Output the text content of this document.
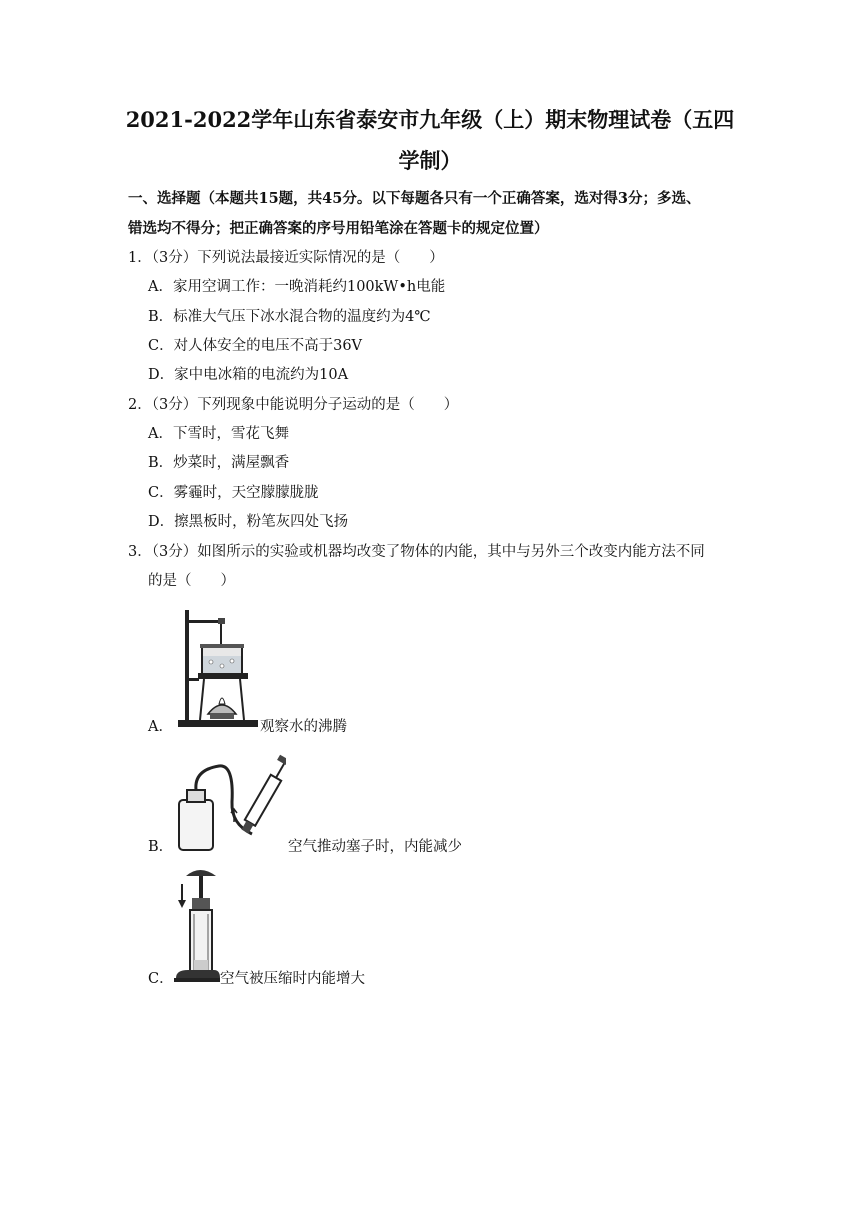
2021-2022学年山东省泰安市九年级（上）期末物理试卷（五四
学制）
一、选择题（本题共15题，共45分。以下每题各只有一个正确答案，选对得3分；多选、
错选均不得分；把正确答案的序号用铅笔涂在答题卡的规定位置）
1．（3分）下列说法最接近实际情况的是（　　）
A．家用空调工作：一晚消耗约100kW•h电能
B．标准大气压下冰水混合物的温度约为4℃
C．对人体安全的电压不高于36V
D．家中电冰箱的电流约为10A
2．（3分）下列现象中能说明分子运动的是（　　）
A．下雪时，雪花飞舞
B．炒菜时，满屋飘香
C．雾霾时，天空朦朦胧胧
D．擦黑板时，粉笔灰四处飞扬
3．（3分）如图所示的实验或机器均改变了物体的内能，其中与另外三个改变内能方法不同
的是（　　）
A．	观察水的沸腾
B．	空气推动塞子时，内能减少
C．	空气被压缩时内能增大
